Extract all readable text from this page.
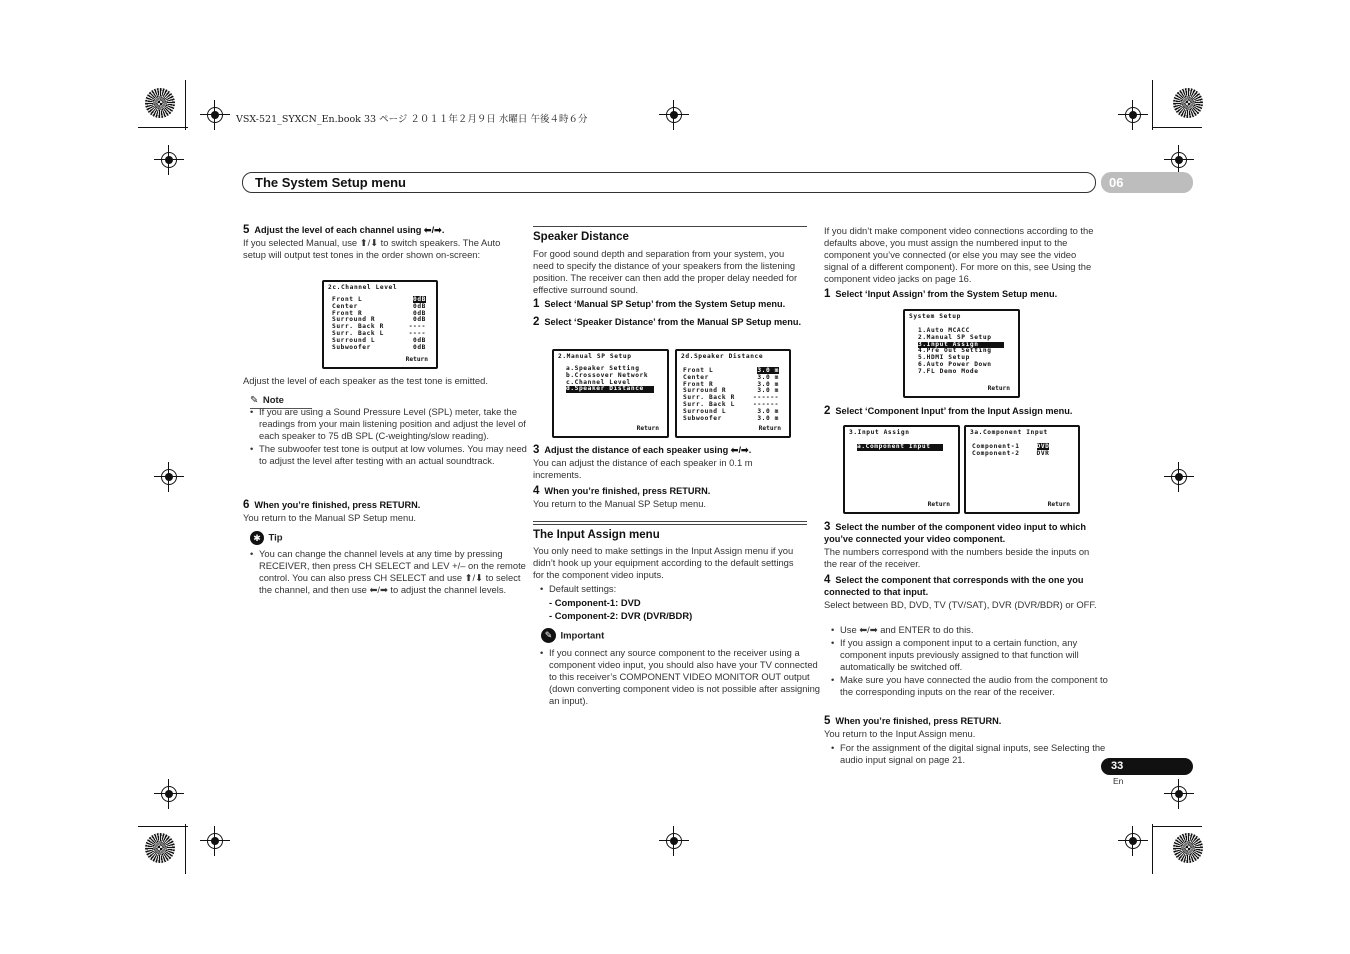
VSX-521_SYXCN_En.book 33 ページ ２０１１年２月９日 水曜日 午後４時６分
The System Setup menu	06
5 Adjust the level of each channel using ⬅/➡.
If you selected Manual, use ⬆/⬇ to switch speakers. The Auto setup will output test tones in the order shown on-screen:
2c.Channel Level
Front L
Center
Front R
Surround R
Surr. Back R
Surr. Back L
Surround L
Subwoofer
0dB
0dB
0dB
0dB
----
----
0dB
0dB
Return
Adjust the level of each speaker as the test tone is emitted.
✎ Note
• If you are using a Sound Pressure Level (SPL) meter, take the readings from your main listening position and adjust the level of each speaker to 75 dB SPL (C-weighting/slow reading).
• The subwoofer test tone is output at low volumes. You may need to adjust the level after testing with an actual soundtrack.
6 When you’re finished, press RETURN.
You return to the Manual SP Setup menu.
✱ Tip
• You can change the channel levels at any time by pressing RECEIVER, then press CH SELECT and LEV +/– on the remote control. You can also press CH SELECT and use ⬆/⬇ to select the channel, and then use ⬅/➡ to adjust the channel levels.
Speaker Distance
For good sound depth and separation from your system, you need to specify the distance of your speakers from the listening position. The receiver can then add the proper delay needed for effective surround sound.
1 Select ‘Manual SP Setup’ from the System Setup menu.
2 Select ‘Speaker Distance’ from the Manual SP Setup menu.
2.Manual SP Setup
a.Speaker Setting
b.Crossover Network
c.Channel Level
d.Speaker Distance
Return
2d.Speaker Distance
Front L
Center
Front R
Surround R
Surr. Back R
Surr. Back L
Surround L
Subwoofer
3.0 m
3.0 m
3.0 m
3.0 m
------
------
3.0 m
3.0 m
Return
3 Adjust the distance of each speaker using ⬅/➡.
You can adjust the distance of each speaker in 0.1 m increments.
4 When you’re finished, press RETURN.
You return to the Manual SP Setup menu.
The Input Assign menu
You only need to make settings in the Input Assign menu if you didn’t hook up your equipment according to the default settings for the component video inputs.
• Default settings:
- Component-1: DVD
- Component-2: DVR (DVR/BDR)
✎ Important
• If you connect any source component to the receiver using a component video input, you should also have your TV connected to this receiver’s COMPONENT VIDEO MONITOR OUT output (down converting component video is not possible after assigning an input).
If you didn’t make component video connections according to the defaults above, you must assign the numbered input to the component you’ve connected (or else you may see the video signal of a different component). For more on this, see Using the component video jacks on page 16.
1 Select ‘Input Assign’ from the System Setup menu.
System Setup
1.Auto MCACC
2.Manual SP Setup
3.Input Assign
4.Pre Out Setting
5.HDMI Setup
6.Auto Power Down
7.FL Demo Mode
Return
2 Select ‘Component Input’ from the Input Assign menu.
3.Input Assign
a.Component Input
Return
3a.Component Input
Component-1
Component-2
DVD
DVR
Return
3 Select the number of the component video input to which you’ve connected your video component.
The numbers correspond with the numbers beside the inputs on the rear of the receiver.
4 Select the component that corresponds with the one you connected to that input.
Select between BD, DVD, TV (TV/SAT), DVR (DVR/BDR) or OFF.
• Use ⬅/➡ and ENTER to do this.
• If you assign a component input to a certain function, any component inputs previously assigned to that function will automatically be switched off.
• Make sure you have connected the audio from the component to the corresponding inputs on the rear of the receiver.
5 When you’re finished, press RETURN.
You return to the Input Assign menu.
• For the assignment of the digital signal inputs, see Selecting the audio input signal on page 21.
33
En
